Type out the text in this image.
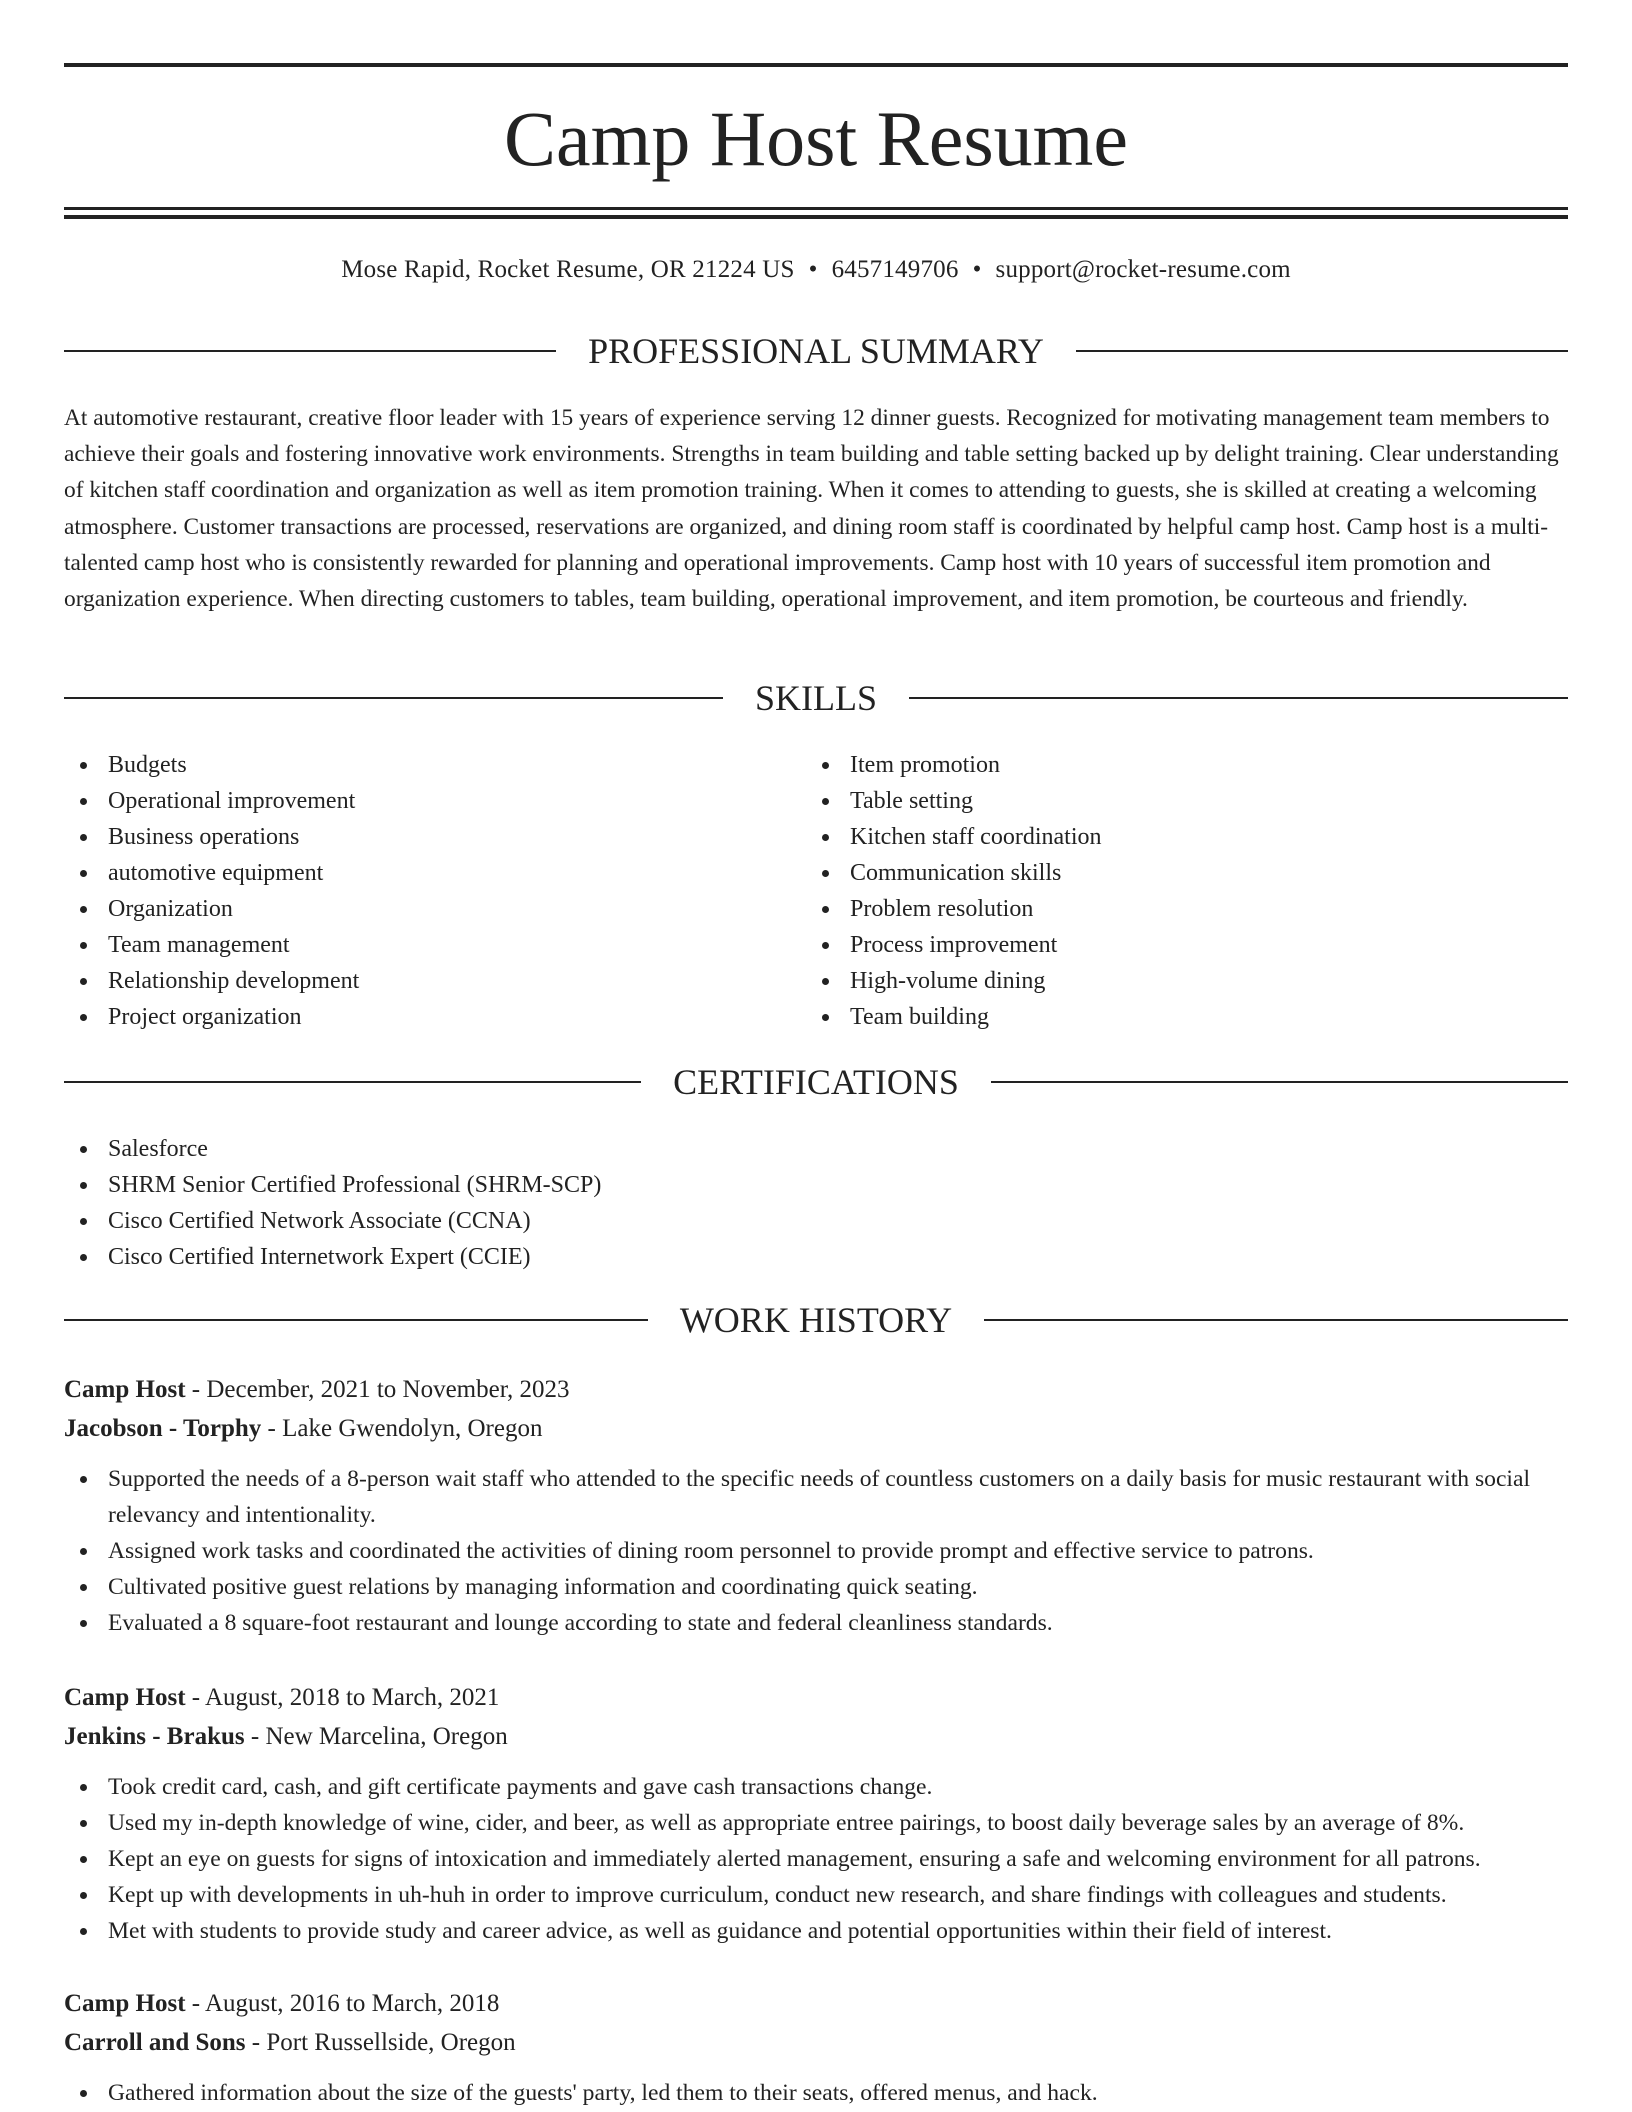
Camp Host Resume
Mose Rapid, Rocket Resume, OR 21224 US • 6457149706 • support@rocket-resume.com
PROFESSIONAL SUMMARY
At automotive restaurant, creative floor leader with 15 years of experience serving 12 dinner guests. Recognized for motivating management team members to achieve their goals and fostering innovative work environments. Strengths in team building and table setting backed up by delight training. Clear understanding of kitchen staff coordination and organization as well as item promotion training. When it comes to attending to guests, she is skilled at creating a welcoming atmosphere. Customer transactions are processed, reservations are organized, and dining room staff is coordinated by helpful camp host. Camp host is a multi-talented camp host who is consistently rewarded for planning and operational improvements. Camp host with 10 years of successful item promotion and organization experience. When directing customers to tables, team building, operational improvement, and item promotion, be courteous and friendly.
SKILLS
Budgets
Operational improvement
Business operations
automotive equipment
Organization
Team management
Relationship development
Project organization
Item promotion
Table setting
Kitchen staff coordination
Communication skills
Problem resolution
Process improvement
High-volume dining
Team building
CERTIFICATIONS
Salesforce
SHRM Senior Certified Professional (SHRM-SCP)
Cisco Certified Network Associate (CCNA)
Cisco Certified Internetwork Expert (CCIE)
WORK HISTORY
Camp Host - December, 2021 to November, 2023
Jacobson - Torphy - Lake Gwendolyn, Oregon
Supported the needs of a 8-person wait staff who attended to the specific needs of countless customers on a daily basis for music restaurant with social relevancy and intentionality.
Assigned work tasks and coordinated the activities of dining room personnel to provide prompt and effective service to patrons.
Cultivated positive guest relations by managing information and coordinating quick seating.
Evaluated a 8 square-foot restaurant and lounge according to state and federal cleanliness standards.
Camp Host - August, 2018 to March, 2021
Jenkins - Brakus - New Marcelina, Oregon
Took credit card, cash, and gift certificate payments and gave cash transactions change.
Used my in-depth knowledge of wine, cider, and beer, as well as appropriate entree pairings, to boost daily beverage sales by an average of 8%.
Kept an eye on guests for signs of intoxication and immediately alerted management, ensuring a safe and welcoming environment for all patrons.
Kept up with developments in uh-huh in order to improve curriculum, conduct new research, and share findings with colleagues and students.
Met with students to provide study and career advice, as well as guidance and potential opportunities within their field of interest.
Camp Host - August, 2016 to March, 2018
Carroll and Sons - Port Russellside, Oregon
Gathered information about the size of the guests' party, led them to their seats, offered menus, and hack.
